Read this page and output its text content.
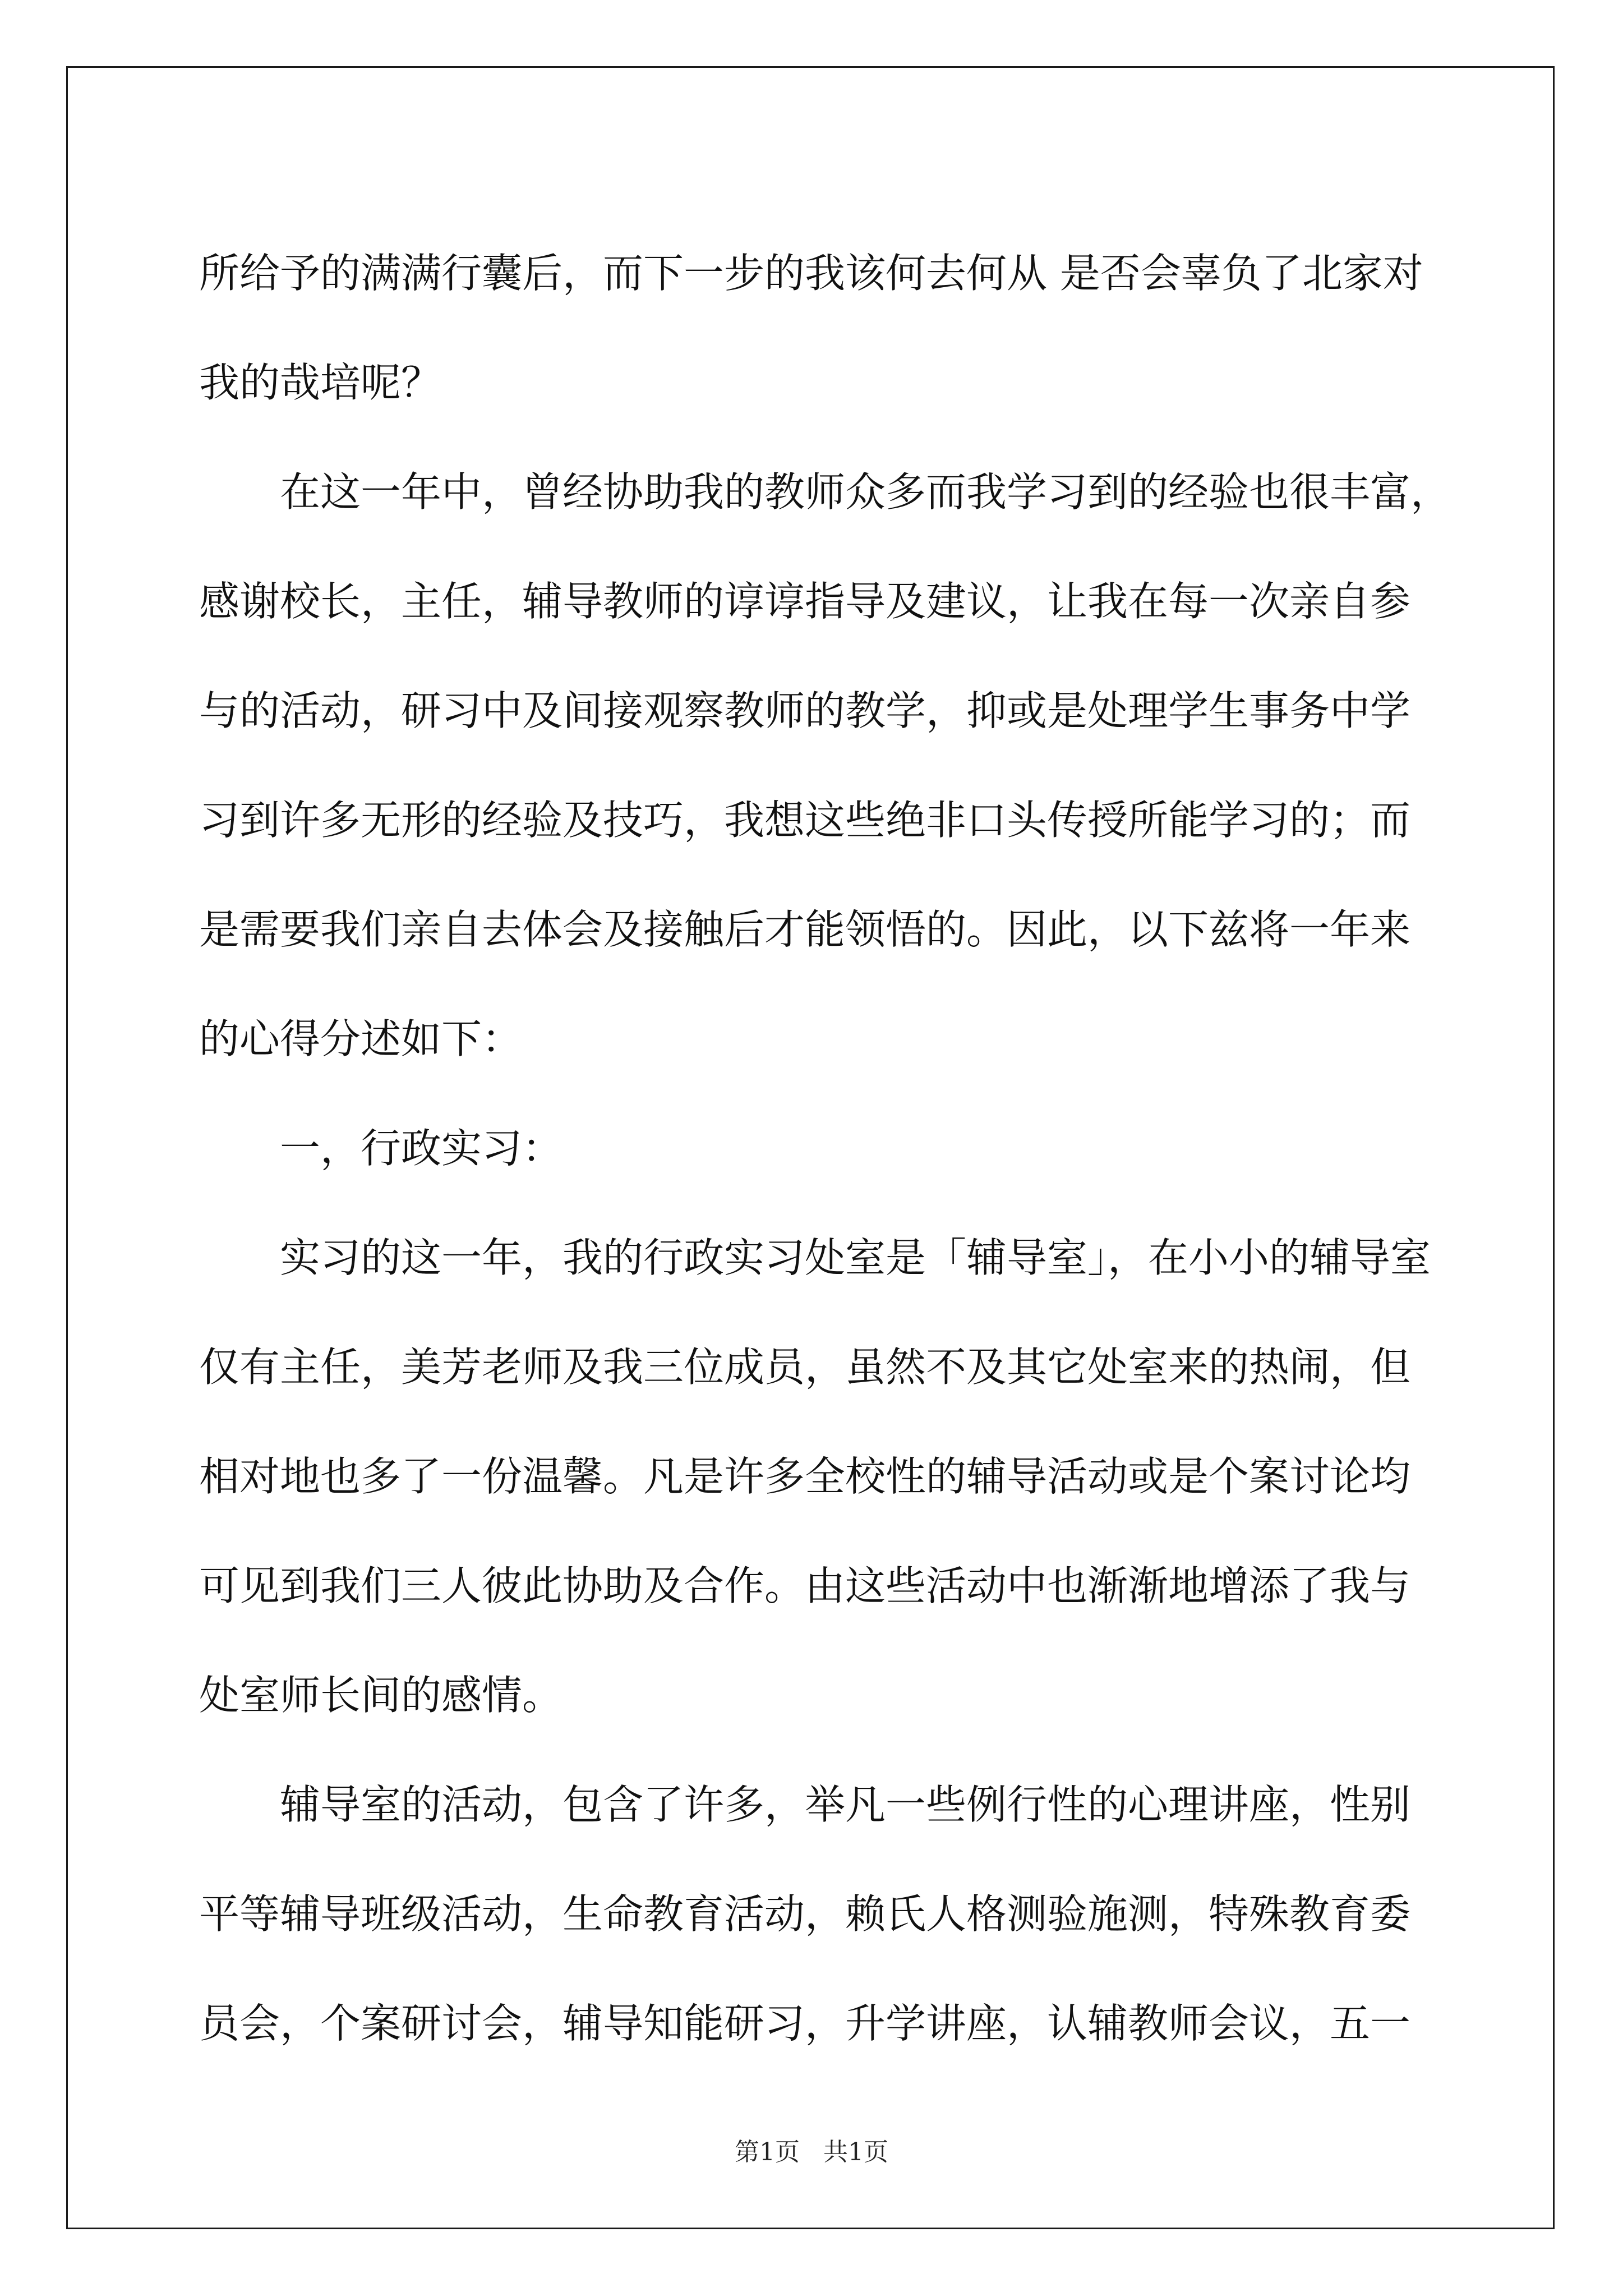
所给予的满满行囊后，而下一步的我该何去何从 是否会辜负了北家对
我的哉培呢？
在这一年中，曾经协助我的教师众多而我学习到的经验也很丰富，
感谢校长，主任，辅导教师的谆谆指导及建议，让我在每一次亲自参
与的活动，研习中及间接观察教师的教学，抑或是处理学生事务中学
习到许多无形的经验及技巧，我想这些绝非口头传授所能学习的；而
是需要我们亲自去体会及接触后才能领悟的。因此，以下兹将一年来
的心得分述如下：
一，行政实习：
实习的这一年，我的行政实习处室是「辅导室」，在小小的辅导室
仅有主任，美芳老师及我三位成员，虽然不及其它处室来的热闹，但
相对地也多了一份温馨。凡是许多全校性的辅导活动或是个案讨论均
可见到我们三人彼此协助及合作。由这些活动中也渐渐地增添了我与
处室师长间的感情。
辅导室的活动，包含了许多，举凡一些例行性的心理讲座，性别
平等辅导班级活动，生命教育活动，赖氏人格测验施测，特殊教育委
员会，个案研讨会，辅导知能研习，升学讲座，认辅教师会议，五一
第1页   共1页
